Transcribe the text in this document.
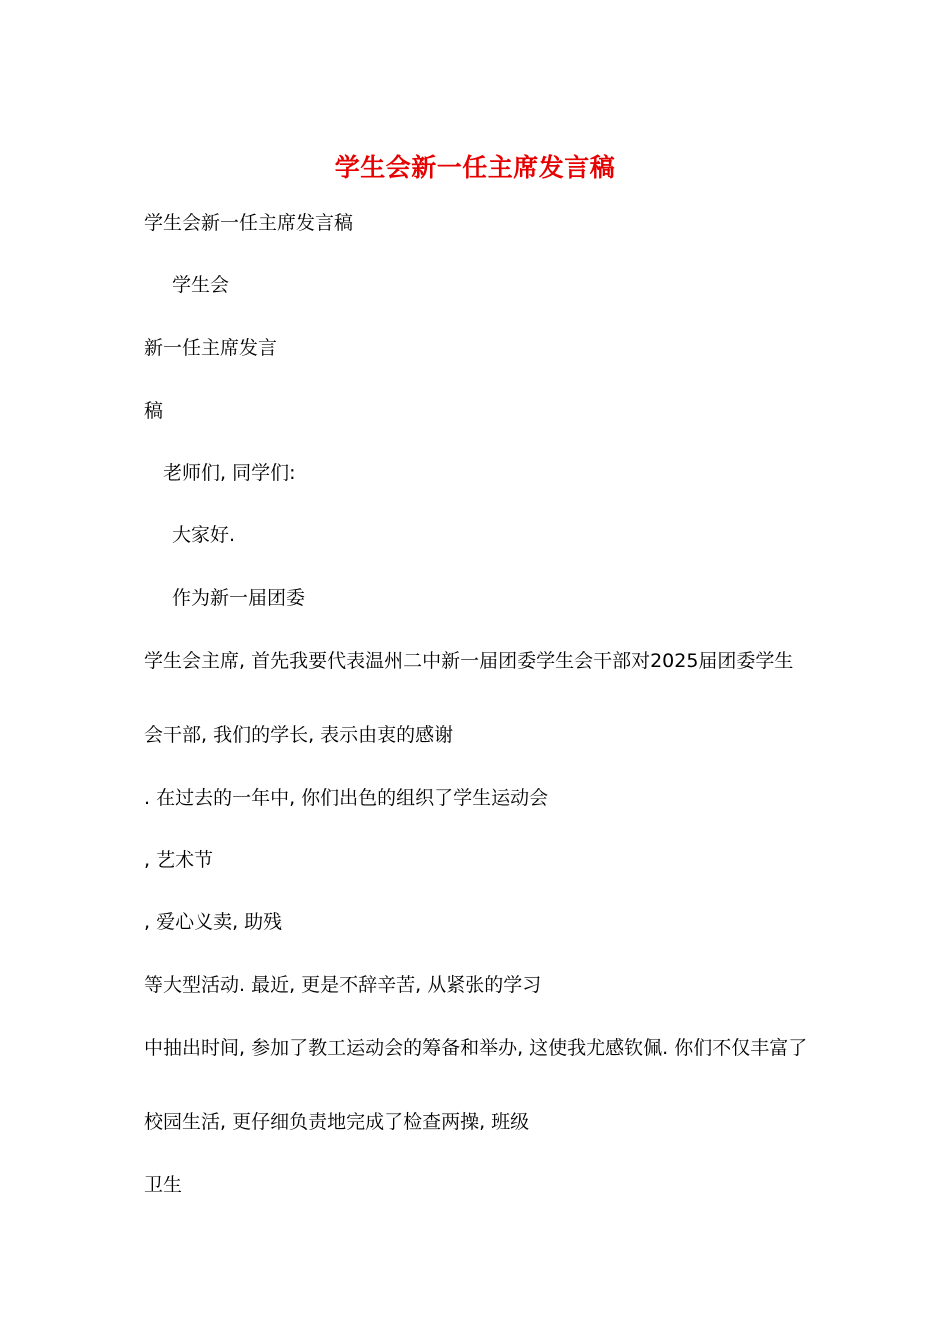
学生会新一任主席发言稿
学生会新一任主席发言稿
学生会
新一任主席发言
稿
老师们, 同学们:
大家好.
作为新一届团委
学生会主席, 首先我要代表温州二中新一届团委学生会干部对2025届团委学生
会干部, 我们的学长, 表示由衷的感谢
. 在过去的一年中, 你们出色的组织了学生运动会
, 艺术节
, 爱心义卖, 助残
等大型活动. 最近, 更是不辞辛苦, 从紧张的学习
中抽出时间, 参加了教工运动会的筹备和举办, 这使我尤感钦佩. 你们不仅丰富了
校园生活, 更仔细负责地完成了检查两操, 班级
卫生
